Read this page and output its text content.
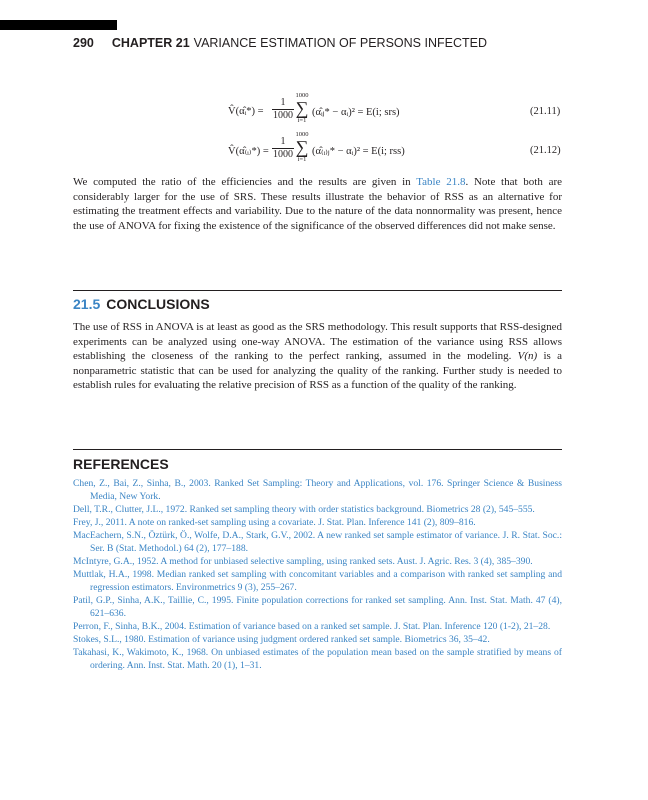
290 CHAPTER 21 VARIANCE ESTIMATION OF PERSONS INFECTED
V̂(α̂ᵢ*) = $\frac{1}{1000}$
1000
∑
i=1
(α̂ᵢⱼ* − αᵢ)² = E(i; srs)	(21.11)
V̂(α̂₍ᵢ₎*) = $\frac{1}{1000}$
1000
∑
i=1
(α̂₍ᵢ₎ⱼ* − αᵢ)² = E(i; rss)	(21.12)

We computed the ratio of the efficiencies and the results are given in Table 21.8. Note that both are considerably larger for the use of SRS. These results illustrate the behavior of RSS as an alternative for estimating the treatment effects and variability. Due to the nature of the data nonnormality was present, hence the use of ANOVA for fixing the existence of the significance of the observed differences did not make sense.

21.5 CONCLUSIONS

The use of RSS in ANOVA is at least as good as the SRS methodology. This result supports that RSS-designed experiments can be analyzed using one-way ANOVA. The estimation of the variance using RSS allows establishing the closeness of the ranking to the perfect ranking, assumed in the modeling. V(n) is a nonparametric statistic that can be used for analyzing the quality of the ranking. Further study is needed to establish rules for evaluating the relative precision of RSS as a function of the quality of the ranking.

REFERENCES
Chen, Z., Bai, Z., Sinha, B., 2003. Ranked Set Sampling: Theory and Applications, vol. 176. Springer Science & Business Media, New York.
Dell, T.R., Clutter, J.L., 1972. Ranked set sampling theory with order statistics background. Biometrics 28 (2), 545–555.
Frey, J., 2011. A note on ranked-set sampling using a covariate. J. Stat. Plan. Inference 141 (2), 809–816.
MacEachern, S.N., Öztürk, Ö., Wolfe, D.A., Stark, G.V., 2002. A new ranked set sample estimator of variance. J. R. Stat. Soc.: Ser. B (Stat. Methodol.) 64 (2), 177–188.
McIntyre, G.A., 1952. A method for unbiased selective sampling, using ranked sets. Aust. J. Agric. Res. 3 (4), 385–390.
Muttlak, H.A., 1998. Median ranked set sampling with concomitant variables and a comparison with ranked set sampling and regression estimators. Environmetrics 9 (3), 255–267.
Patil, G.P., Sinha, A.K., Taillie, C., 1995. Finite population corrections for ranked set sampling. Ann. Inst. Stat. Math. 47 (4), 621–636.
Perron, F., Sinha, B.K., 2004. Estimation of variance based on a ranked set sample. J. Stat. Plan. Inference 120 (1-2), 21–28.
Stokes, S.L., 1980. Estimation of variance using judgment ordered ranked set sample. Biometrics 36, 35–42.
Takahasi, K., Wakimoto, K., 1968. On unbiased estimates of the population mean based on the sample stratified by means of ordering. Ann. Inst. Stat. Math. 20 (1), 1–31.
